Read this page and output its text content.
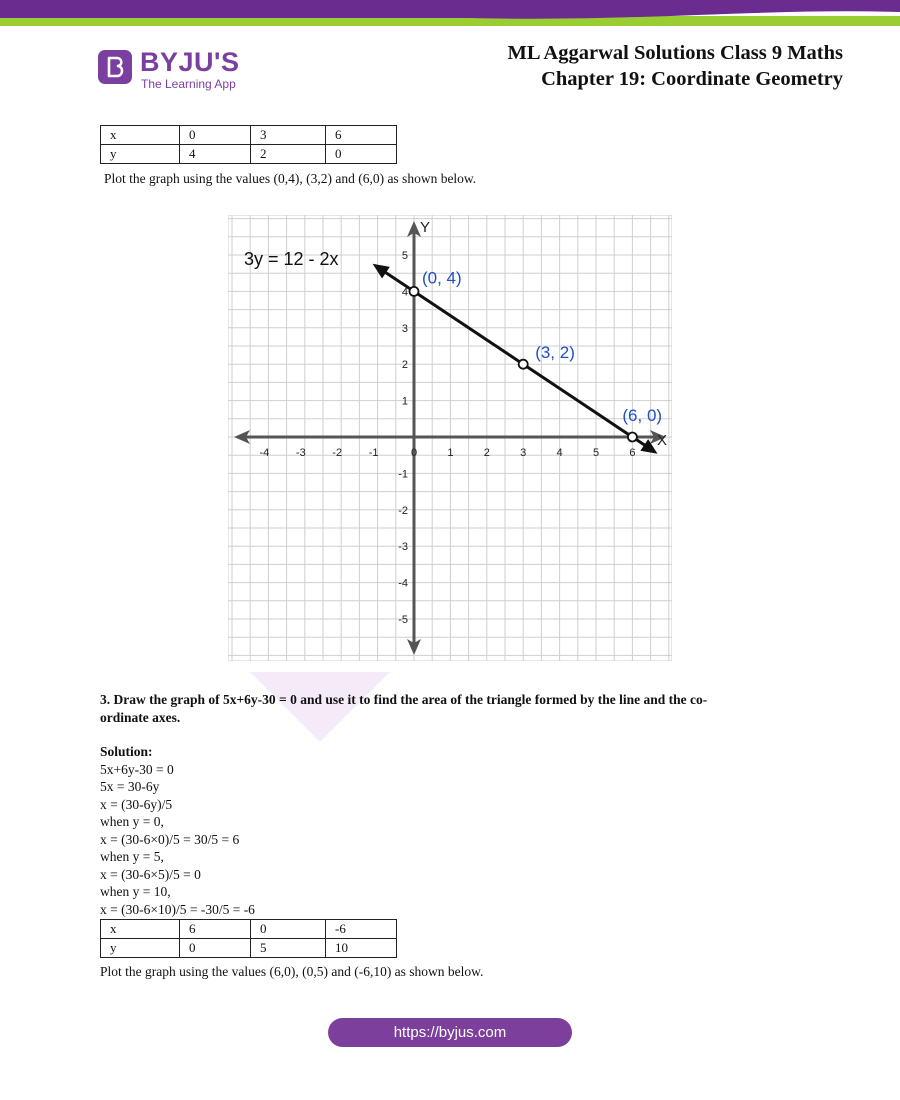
BYJU'S
The Learning App
ML Aggarwal Solutions Class 9 Maths
Chapter 19: Coordinate Geometry
x	0	3	6
y	4	2	0
Plot the graph using the values (0,4), (3,2) and (6,0) as shown below.
X
Y
-4 -3 -2 -1	0	1	2	3	4	5	6
5
4
3
2
1
-1
-2
-3
-4
-5
3y = 12 - 2x
(0, 4)
(3, 2)
(6, 0)
3. Draw the graph of 5x+6y-30 = 0 and use it to find the area of the triangle formed by the line and the co-
ordinate axes.
Solution:
5x+6y-30 = 0
5x = 30-6y
x = (30-6y)/5
when y = 0,
x = (30-6×0)/5 = 30/5 = 6
when y = 5,
x = (30-6×5)/5 = 0
when y = 10,
x = (30-6×10)/5 = -30/5 = -6
x	6	0	-6
y	0	5	10
Plot the graph using the values (6,0), (0,5) and (-6,10) as shown below.
https://byjus.com
